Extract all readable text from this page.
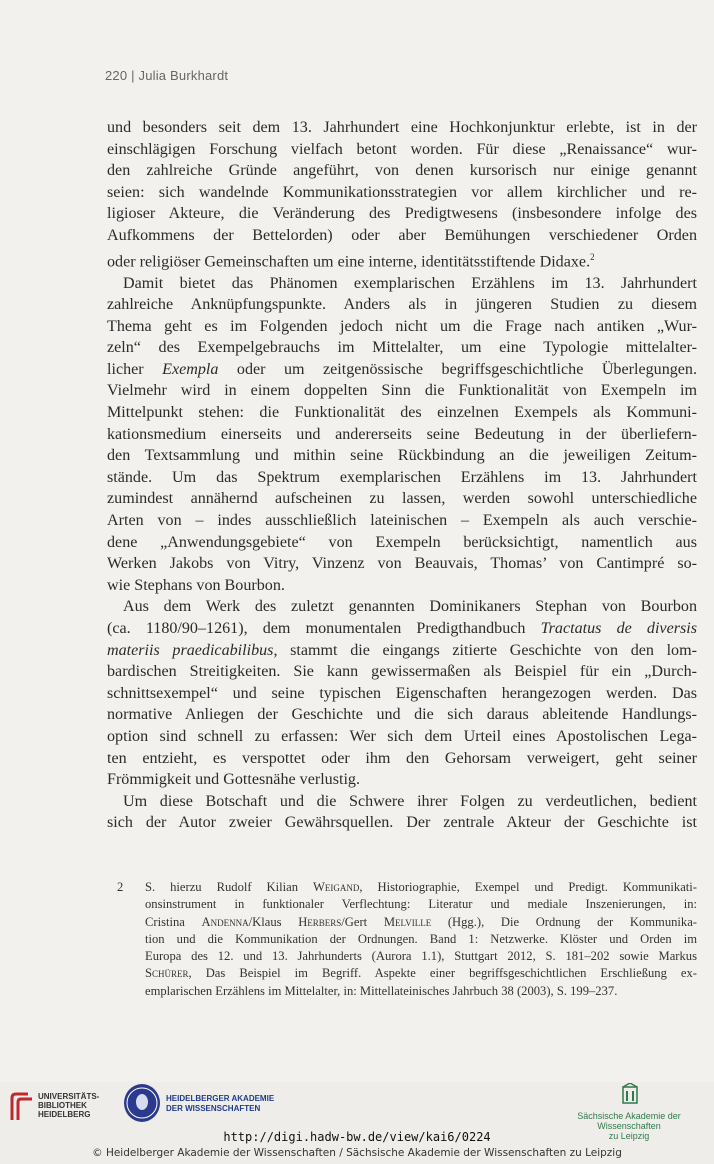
220 | Julia Burkhardt
und besonders seit dem 13. Jahrhundert eine Hochkonjunktur erlebte, ist in der
einschlägigen Forschung vielfach betont worden. Für diese „Renaissance“ wur-
den zahlreiche Gründe angeführt, von denen kursorisch nur einige genannt
seien: sich wandelnde Kommunikationsstrategien vor allem kirchlicher und re-
ligioser Akteure, die Veränderung des Predigtwesens (insbesondere infolge des
Aufkommens der Bettelorden) oder aber Bemühungen verschiedener Orden
oder religiöser Gemeinschaften um eine interne, identitätsstiftende Didaxe.$^2$
Damit bietet das Phänomen exemplarischen Erzählens im 13. Jahrhundert
zahlreiche Anknüpfungspunkte. Anders als in jüngeren Studien zu diesem
Thema geht es im Folgenden jedoch nicht um die Frage nach antiken „Wur-
zeln“ des Exempelgebrauchs im Mittelalter, um eine Typologie mittelalter-
licher Exempla oder um zeitgenössische begriffsgeschichtliche Überlegungen.
Vielmehr wird in einem doppelten Sinn die Funktionalität von Exempeln im
Mittelpunkt stehen: die Funktionalität des einzelnen Exempels als Kommuni-
kationsmedium einerseits und andererseits seine Bedeutung in der überliefern-
den Textsammlung und mithin seine Rückbindung an die jeweiligen Zeitum-
stände. Um das Spektrum exemplarischen Erzählens im 13. Jahrhundert
zumindest annähernd aufscheinen zu lassen, werden sowohl unterschiedliche
Arten von – indes ausschließlich lateinischen – Exempeln als auch verschie-
dene „Anwendungsgebiete“ von Exempeln berücksichtigt, namentlich aus
Werken Jakobs von Vitry, Vinzenz von Beauvais, Thomas’ von Cantimpré so-
wie Stephans von Bourbon.
Aus dem Werk des zuletzt genannten Dominikaners Stephan von Bourbon
(ca. 1180/90–1261), dem monumentalen Predigthandbuch Tractatus de diversis
materiis praedicabilibus, stammt die eingangs zitierte Geschichte von den lom-
bardischen Streitigkeiten. Sie kann gewissermaßen als Beispiel für ein „Durch-
schnittsexempel“ und seine typischen Eigenschaften herangezogen werden. Das
normative Anliegen der Geschichte und die sich daraus ableitende Handlungs-
option sind schnell zu erfassen: Wer sich dem Urteil eines Apostolischen Lega-
ten entzieht, es verspottet oder ihm den Gehorsam verweigert, geht seiner
Frömmigkeit und Gottesnähe verlustig.
Um diese Botschaft und die Schwere ihrer Folgen zu verdeutlichen, bedient
sich der Autor zweier Gewährsquellen. Der zentrale Akteur der Geschichte ist
2	S. hierzu Rudolf Kilian Weigand, Historiographie, Exempel und Predigt. Kommunikati-
onsinstrument in funktionaler Verflechtung: Literatur und mediale Inszenierungen, in:
Cristina Andenna/Klaus Herbers/Gert Melville (Hgg.), Die Ordnung der Kommunika-
tion und die Kommunikation der Ordnungen. Band 1: Netzwerke. Klöster und Orden im
Europa des 12. und 13. Jahrhunderts (Aurora 1.1), Stuttgart 2012, S. 181–202 sowie Markus
Schürer, Das Beispiel im Begriff. Aspekte einer begriffsgeschichtlichen Erschließung ex-
emplarischen Erzählens im Mittelalter, in: Mittellateinisches Jahrbuch 38 (2003), S. 199–237.
UNIVERSITÄTS-
BIBLIOTHEK
HEIDELBERG
HEIDELBERGER AKADEMIE
DER WISSENSCHAFTEN
Sächsische Akademie der Wissenschaften
zu Leipzig
http://digi.hadw-bw.de/view/kai6/0224
© Heidelberger Akademie der Wissenschaften / Sächsische Akademie der Wissenschaften zu Leipzig
